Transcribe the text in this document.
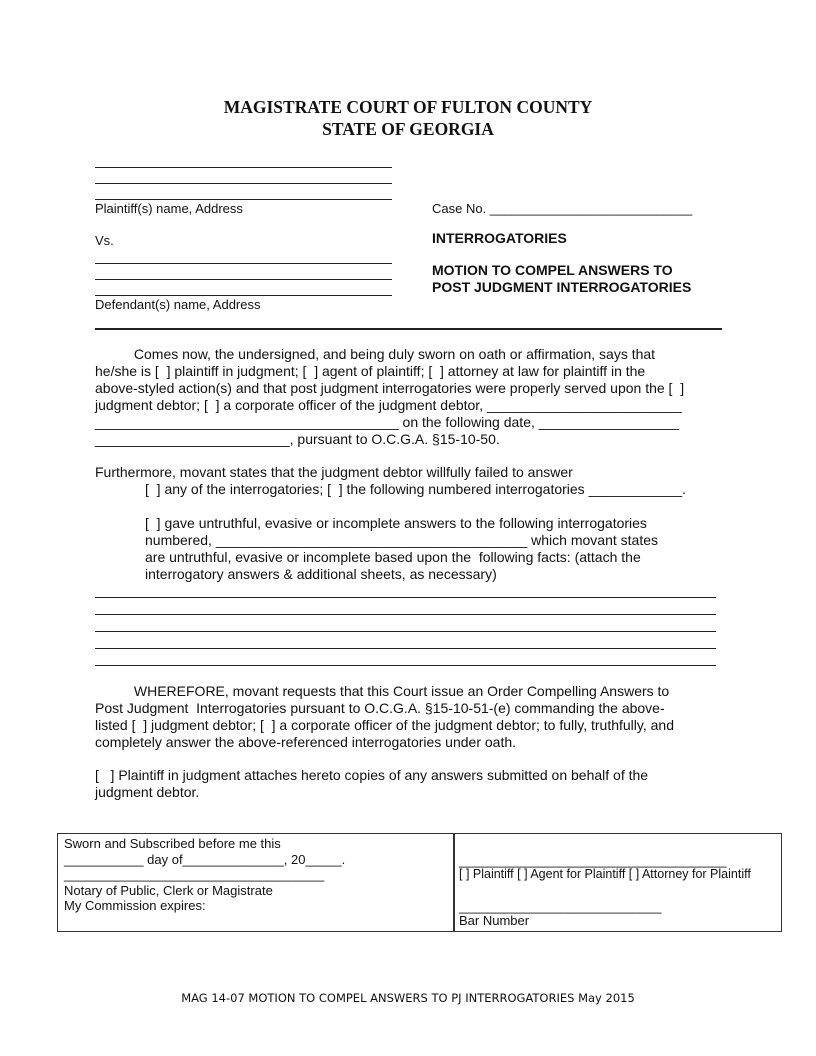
MAGISTRATE COURT OF FULTON COUNTY
STATE OF GEORGIA
Plaintiff(s) name, Address	Case No. ____________________________
Vs.	INTERROGATORIES
MOTION TO COMPEL ANSWERS TO
POST JUDGMENT INTERROGATORIES
Defendant(s) name, Address
Comes now, the undersigned, and being duly sworn on oath or affirmation, says that
he/she is [  ] plaintiff in judgment; [  ] agent of plaintiff; [  ] attorney at law for plaintiff in the
above-styled action(s) and that post judgment interrogatories were properly served upon the [  ]
judgment debtor; [  ] a corporate officer of the judgment debtor, _________________________
_______________________________________ on the following date, __________________
_________________________, pursuant to O.C.G.A. §15-10-50.
Furthermore, movant states that the judgment debtor willfully failed to answer
[  ] any of the interrogatories; [  ] the following numbered interrogatories ____________.
[  ] gave untruthful, evasive or incomplete answers to the following interrogatories
numbered, ________________________________________ which movant states
are untruthful, evasive or incomplete based upon the  following facts: (attach the
interrogatory answers & additional sheets, as necessary)
WHEREFORE, movant requests that this Court issue an Order Compelling Answers to
Post Judgment  Interrogatories pursuant to O.C.G.A. §15-10-51-(e) commanding the above-
listed [  ] judgment debtor; [  ] a corporate officer of the judgment debtor; to fully, truthfully, and
completely answer the above-referenced interrogatories under oath.
[   ] Plaintiff in judgment attaches hereto copies of any answers submitted on behalf of the
judgment debtor.
Sworn and Subscribed before me this
___________ day of______________, 20_____.
____________________________________
Notary of Public, Clerk or Magistrate
My Commission expires:
_____________________________________
[ ] Plaintiff [ ] Agent for Plaintiff [ ] Attorney for Plaintiff
____________________________
Bar Number
MAG 14-07 MOTION TO COMPEL ANSWERS TO PJ INTERROGATORIES May 2015
